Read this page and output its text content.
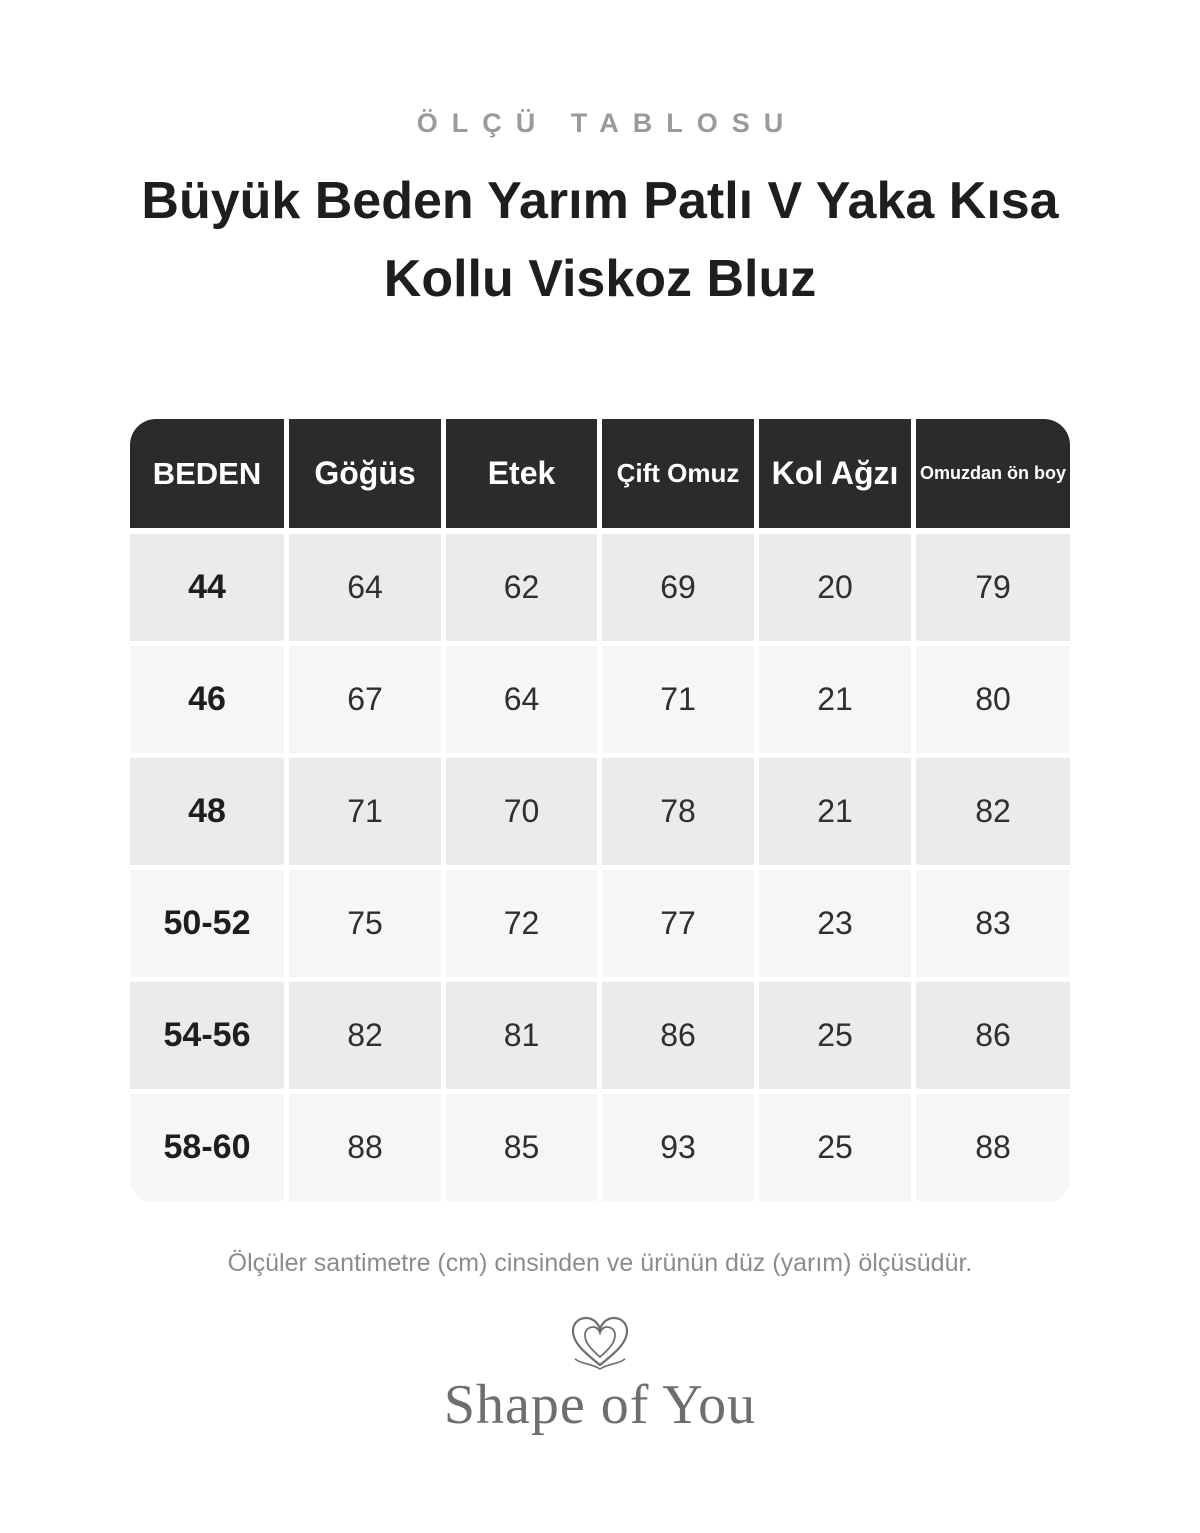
ÖLÇÜ TABLOSU
Büyük Beden Yarım Patlı V Yaka Kısa Kollu Viskoz Bluz
BEDEN	Göğüs	Etek	Çift Omuz	Kol Ağzı	Omuzdan ön boy
44	64	62	69	20	79
46	67	64	71	21	80
48	71	70	78	21	82
50-52	75	72	77	23	83
54-56	82	81	86	25	86
58-60	88	85	93	25	88
Ölçüler santimetre (cm) cinsinden ve ürünün düz (yarım) ölçüsüdür.
Shape of You
